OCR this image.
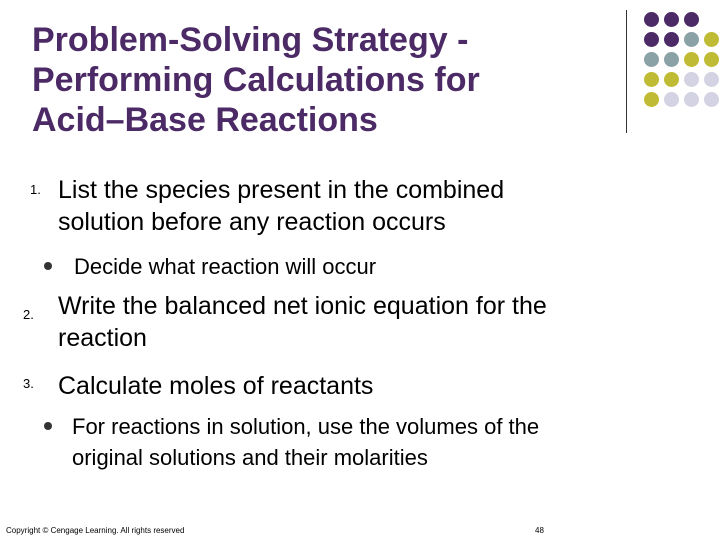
Problem-Solving Strategy -
Performing Calculations for
Acid–Base Reactions
1. List the species present in the combined
solution before any reaction occurs
Decide what reaction will occur
2. Write the balanced net ionic equation for the
reaction
3. Calculate moles of reactants
For reactions in solution, use the volumes of the
original solutions and their molarities
Copyright © Cengage Learning. All rights reserved	48
